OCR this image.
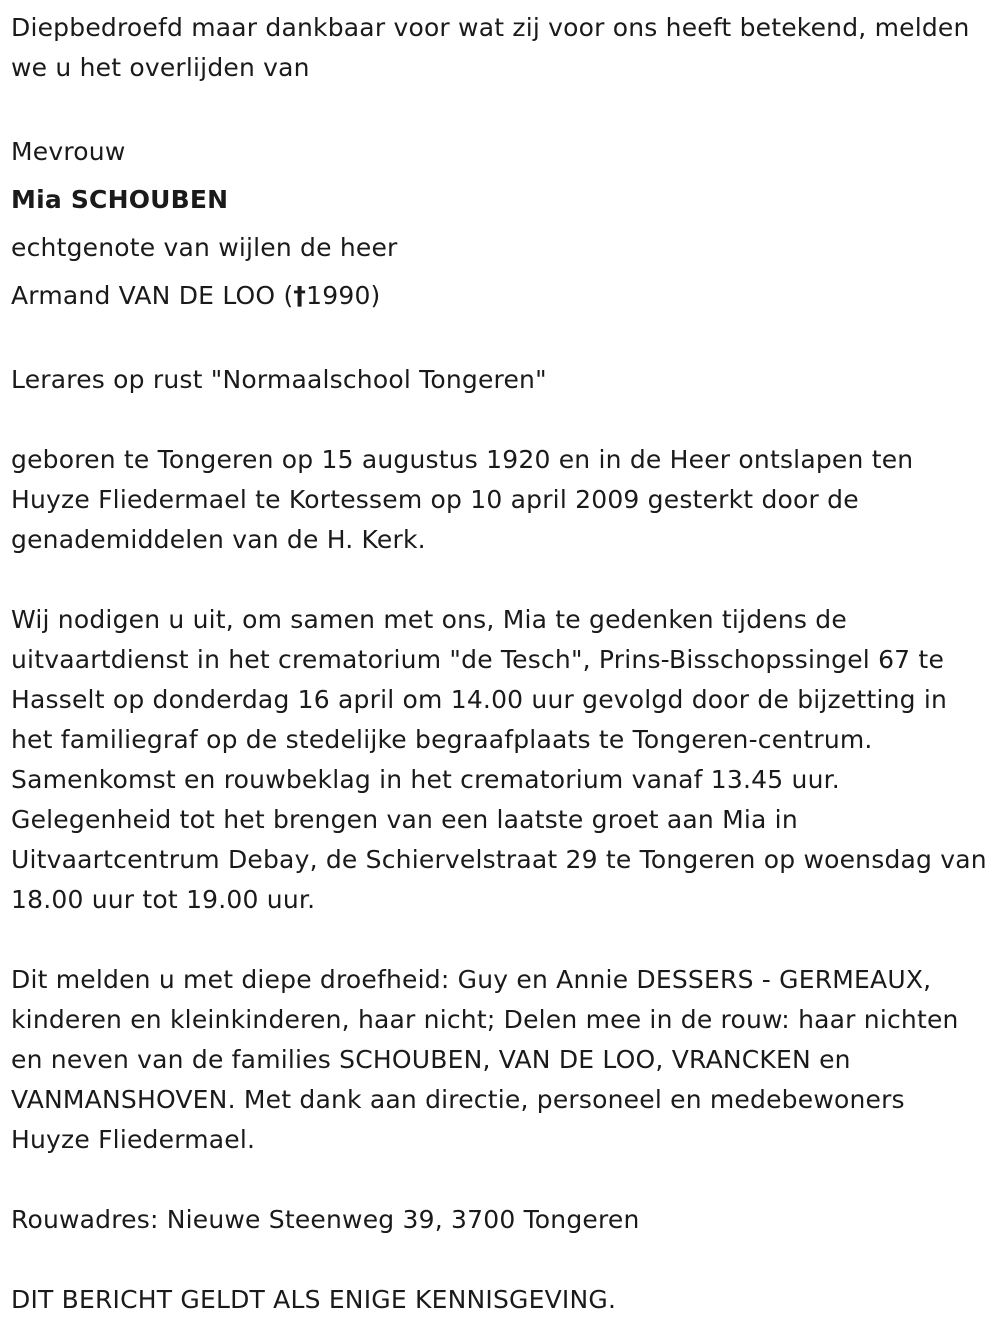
Diepbedroefd maar dankbaar voor wat zij voor ons heeft betekend, melden we u het overlijden van

Mevrouw

Mia SCHOUBEN

echtgenote van wijlen de heer

Armand VAN DE LOO (†1990)

Lerares op rust "Normaalschool Tongeren"

geboren te Tongeren op 15 augustus 1920 en in de Heer ontslapen ten Huyze Fliedermael te Kortessem op 10 april 2009 gesterkt door de genademiddelen van de H. Kerk.

Wij nodigen u uit, om samen met ons, Mia te gedenken tijdens de uitvaartdienst in het crematorium "de Tesch", Prins-Bisschopssingel 67 te Hasselt op donderdag 16 april om 14.00 uur gevolgd door de bijzetting in het familiegraf op de stedelijke begraafplaats te Tongeren-centrum. Samenkomst en rouwbeklag in het crematorium vanaf 13.45 uur. Gelegenheid tot het brengen van een laatste groet aan Mia in Uitvaartcentrum Debay, de Schiervelstraat 29 te Tongeren op woensdag van 18.00 uur tot 19.00 uur.

Dit melden u met diepe droefheid: Guy en Annie DESSERS - GERMEAUX, kinderen en kleinkinderen, haar nicht; Delen mee in de rouw: haar nichten en neven van de families SCHOUBEN, VAN DE LOO, VRANCKEN en VANMANSHOVEN. Met dank aan directie, personeel en medebewoners Huyze Fliedermael.

Rouwadres: Nieuwe Steenweg 39, 3700 Tongeren

DIT BERICHT GELDT ALS ENIGE KENNISGEVING.
